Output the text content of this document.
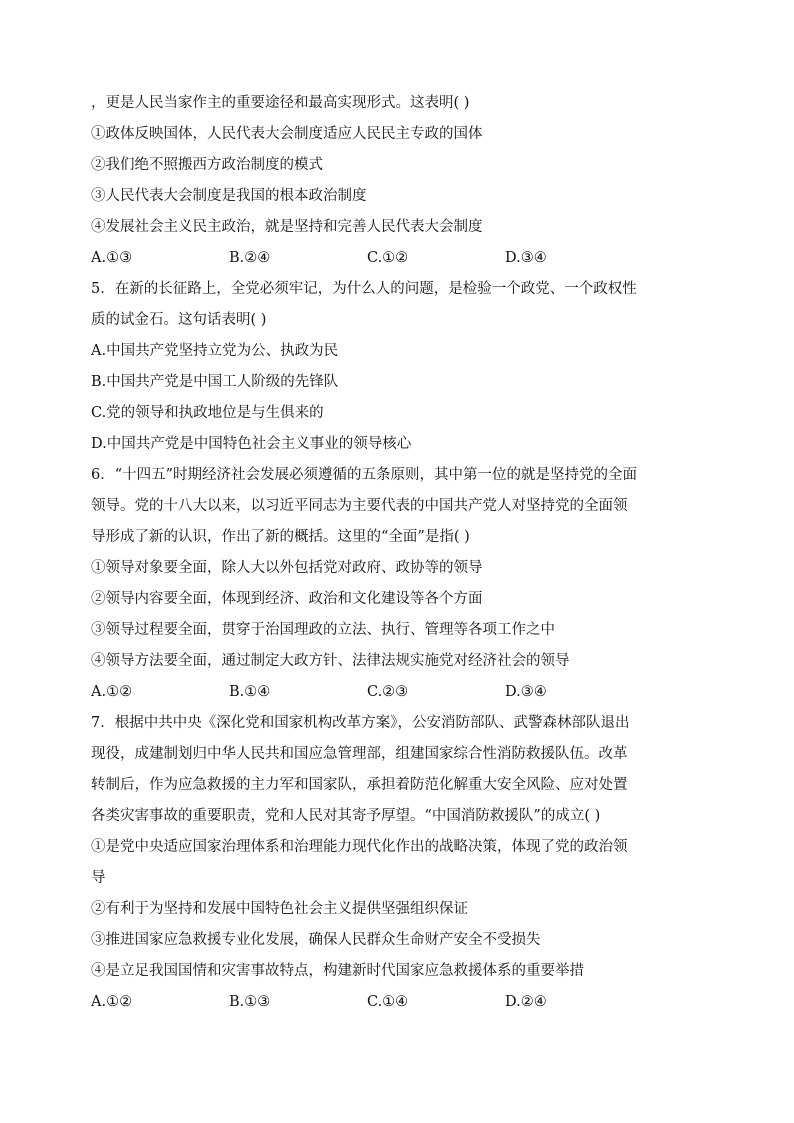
，更是人民当家作主的重要途径和最高实现形式。这表明( )
①政体反映国体，人民代表大会制度适应人民民主专政的国体
②我们绝不照搬西方政治制度的模式
③人民代表大会制度是我国的根本政治制度
④发展社会主义民主政治，就是坚持和完善人民代表大会制度
A.①③	B.②④	C.①②	D.③④
5．在新的长征路上，全党必须牢记，为什么人的问题，是检验一个政党、一个政权性
质的试金石。这句话表明( )
A.中国共产党坚持立党为公、执政为民
B.中国共产党是中国工人阶级的先锋队
C.党的领导和执政地位是与生俱来的
D.中国共产党是中国特色社会主义事业的领导核心
6．“十四五”时期经济社会发展必须遵循的五条原则，其中第一位的就是坚持党的全面
领导。党的十八大以来，以习近平同志为主要代表的中国共产党人对坚持党的全面领
导形成了新的认识，作出了新的概括。这里的“全面”是指( )
①领导对象要全面，除人大以外包括党对政府、政协等的领导
②领导内容要全面，体现到经济、政治和文化建设等各个方面
③领导过程要全面，贯穿于治国理政的立法、执行、管理等各项工作之中
④领导方法要全面，通过制定大政方针、法律法规实施党对经济社会的领导
A.①②	B.①④	C.②③	D.③④
7．根据中共中央《深化党和国家机构改革方案》，公安消防部队、武警森林部队退出
现役，成建制划归中华人民共和国应急管理部，组建国家综合性消防救援队伍。改革
转制后，作为应急救援的主力军和国家队，承担着防范化解重大安全风险、应对处置
各类灾害事故的重要职责，党和人民对其寄予厚望。“中国消防救援队”的成立( )
①是党中央适应国家治理体系和治理能力现代化作出的战略决策，体现了党的政治领
导
②有利于为坚持和发展中国特色社会主义提供坚强组织保证
③推进国家应急救援专业化发展，确保人民群众生命财产安全不受损失
④是立足我国国情和灾害事故特点，构建新时代国家应急救援体系的重要举措
A.①②	B.①③	C.①④	D.②④
